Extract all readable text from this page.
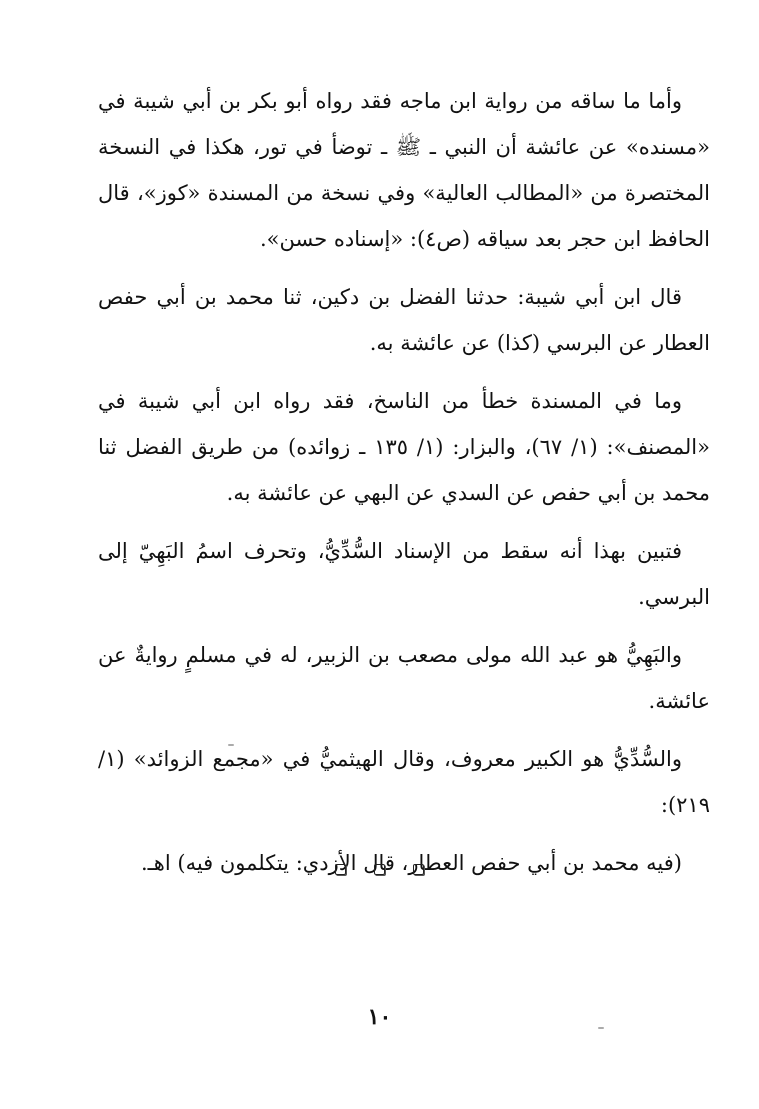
وأما ما ساقه من رواية ابن ماجه فقد رواه أبو بكر بن أبي شيبة في «مسنده» عن عائشة أن النبي ـ ﷺ ـ توضأ في تور، هكذا في النسخة المختصرة من «المطالب العالية» وفي نسخة من المسندة «كوز»، قال الحافظ ابن حجر بعد سياقه (ص٤): «إسناده حسن».

قال ابن أبي شيبة: حدثنا الفضل بن دكين، ثنا محمد بن أبي حفص العطار عن البرسي (كذا) عن عائشة به.

وما في المسندة خطأ من الناسخ، فقد رواه ابن أبي شيبة في «المصنف»: (١/ ٦٧)، والبزار: (١/ ١٣٥ ـ زوائده) من طريق الفضل ثنا محمد بن أبي حفص عن السدي عن البهي عن عائشة به.

فتبين بهذا أنه سقط من الإسناد السُّدِّيُّ، وتحرف اسمُ البَهِيّ إلى البرسي.

والبَهِيُّ هو عبد الله مولى مصعب بن الزبير، له في مسلمٍ روايةٌ عن عائشة.

والسُّدِّيُّ هو الكبير معروف، وقال الهيثميُّ في «مجمع الزوائد» (١/ ٢١٩):

(فيه محمد بن أبي حفص العطار، قال الأزدي: يتكلمون فيه) اهـ.

١٠
